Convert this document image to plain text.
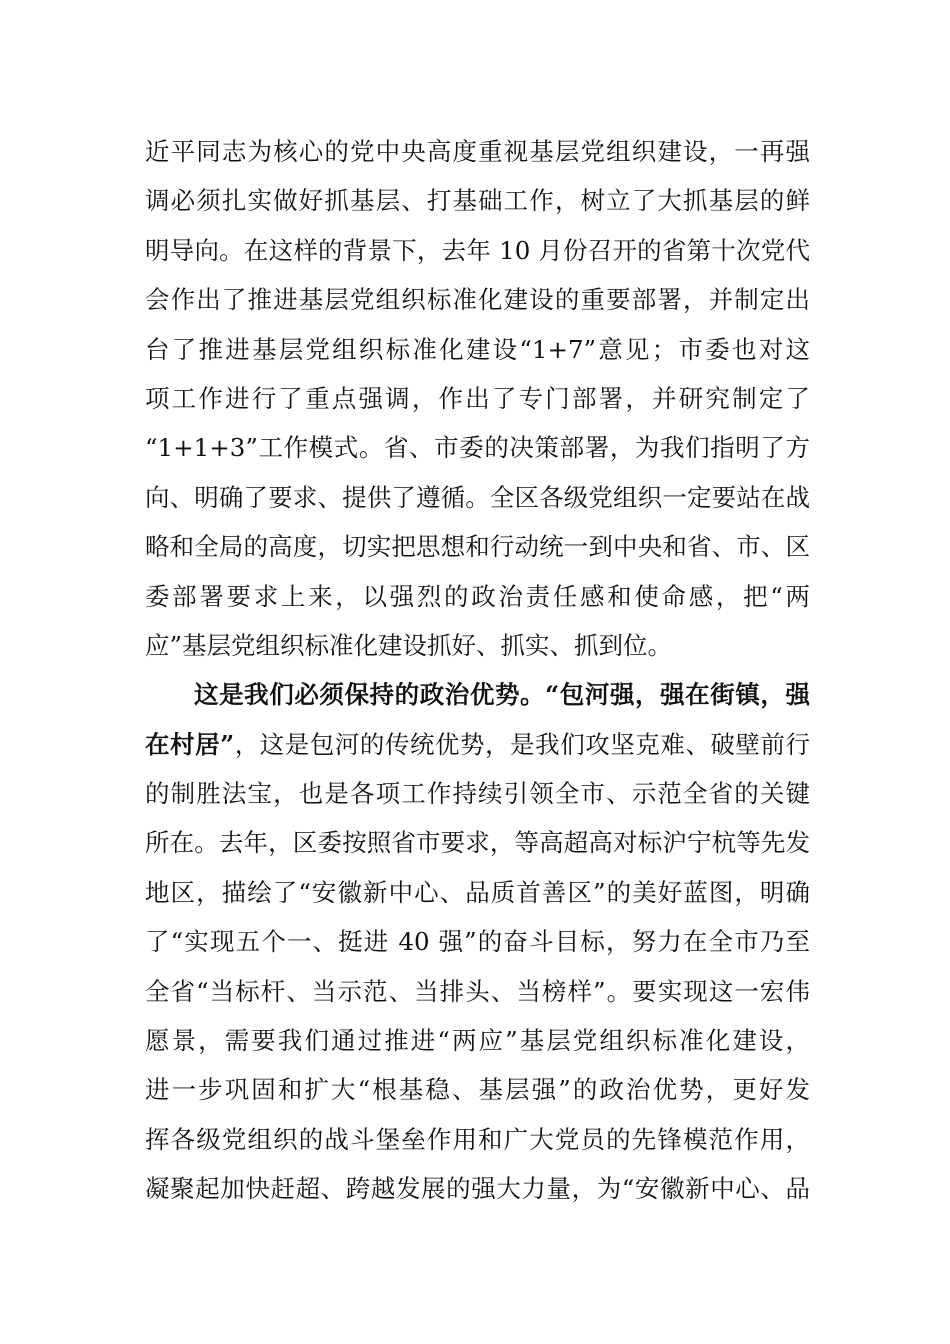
近平同志为核心的党中央高度重视基层党组织建设，一再强
调必须扎实做好抓基层、打基础工作，树立了大抓基层的鲜
明导向。在这样的背景下，去年 10 月份召开的省第十次党代
会作出了推进基层党组织标准化建设的重要部署，并制定出
台了推进基层党组织标准化建设“1+7”意见；市委也对这
项工作进行了重点强调，作出了专门部署，并研究制定了
“1+1+3”工作模式。省、市委的决策部署，为我们指明了方
向、明确了要求、提供了遵循。全区各级党组织一定要站在战
略和全局的高度，切实把思想和行动统一到中央和省、市、区
委部署要求上来，以强烈的政治责任感和使命感，把“两
应”基层党组织标准化建设抓好、抓实、抓到位。
这是我们必须保持的政治优势。“包河强，强在街镇，强
在村居”，这是包河的传统优势，是我们攻坚克难、破壁前行
的制胜法宝，也是各项工作持续引领全市、示范全省的关键
所在。去年，区委按照省市要求，等高超高对标沪宁杭等先发
地区，描绘了“安徽新中心、品质首善区”的美好蓝图，明确
了“实现五个一、挺进 40 强”的奋斗目标，努力在全市乃至
全省“当标杆、当示范、当排头、当榜样”。要实现这一宏伟
愿景，需要我们通过推进“两应”基层党组织标准化建设，
进一步巩固和扩大“根基稳、基层强”的政治优势，更好发
挥各级党组织的战斗堡垒作用和广大党员的先锋模范作用，
凝聚起加快赶超、跨越发展的强大力量，为“安徽新中心、品
